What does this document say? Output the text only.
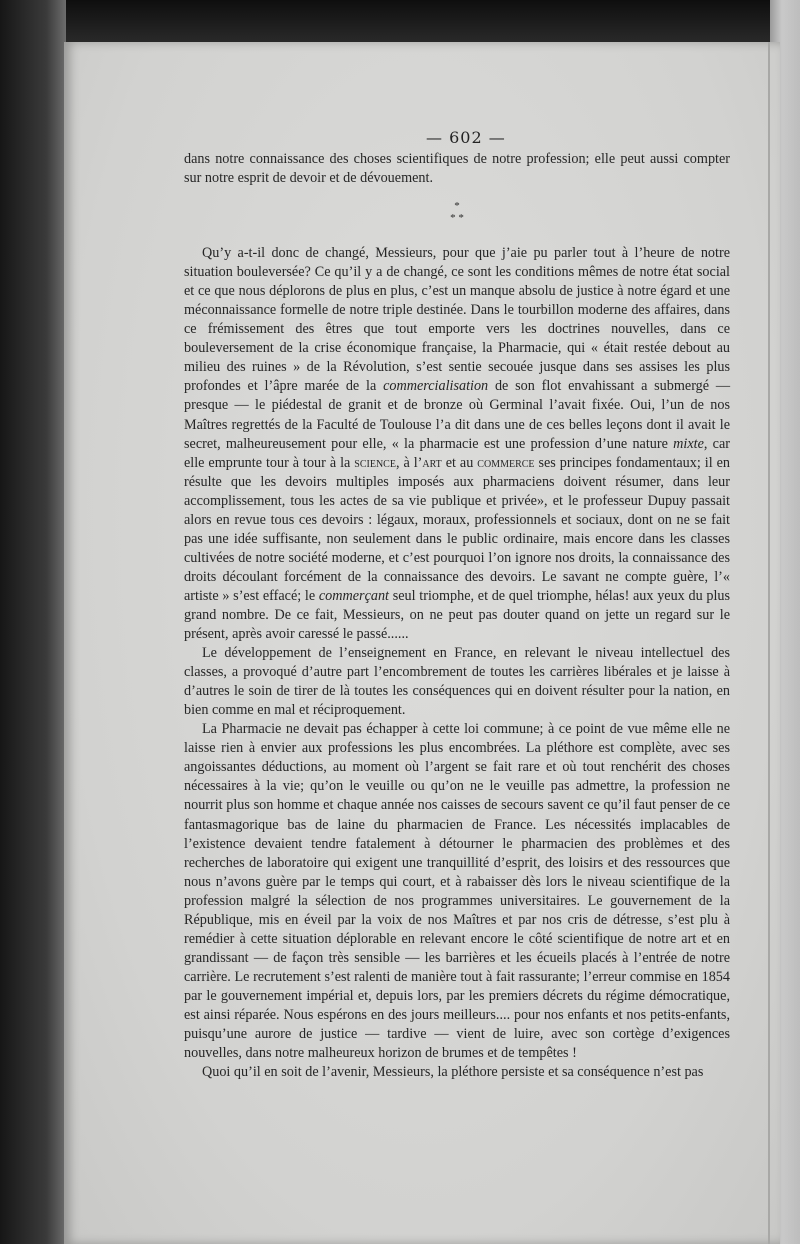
— 602 —

dans notre connaissance des choses scientifiques de notre profession; elle peut aussi compter sur notre esprit de devoir et de dévouement.

*
* *

Qu’y a-t-il donc de changé, Messieurs, pour que j’aie pu parler tout à l’heure de notre situation bouleversée? Ce qu’il y a de changé, ce sont les conditions mêmes de notre état social et ce que nous déplorons de plus en plus, c’est un manque absolu de justice à notre égard et une méconnaissance formelle de notre triple destinée. Dans le tourbillon moderne des affaires, dans ce frémissement des êtres que tout emporte vers les doctrines nouvelles, dans ce bouleversement de la crise économique française, la Pharmacie, qui « était restée debout au milieu des ruines » de la Révolution, s’est sentie secouée jusque dans ses assises les plus profondes et l’âpre marée de la commercialisation de son flot envahissant a submergé — presque — le piédestal de granit et de bronze où Germinal l’avait fixée. Oui, l’un de nos Maîtres regrettés de la Faculté de Toulouse l’a dit dans une de ces belles leçons dont il avait le secret, malheureusement pour elle, « la pharmacie est une profession d’une nature mixte, car elle emprunte tour à tour à la science, à l’art et au commerce ses principes fondamentaux; il en résulte que les devoirs multiples imposés aux pharmaciens doivent résumer, dans leur accomplissement, tous les actes de sa vie publique et privée», et le professeur Dupuy passait alors en revue tous ces devoirs : légaux, moraux, professionnels et sociaux, dont on ne se fait pas une idée suffisante, non seulement dans le public ordinaire, mais encore dans les classes cultivées de notre société moderne, et c’est pourquoi l’on ignore nos droits, la connaissance des droits découlant forcément de la connaissance des devoirs. Le savant ne compte guère, l’« artiste » s’est effacé; le commerçant seul triomphe, et de quel triomphe, hélas! aux yeux du plus grand nombre. De ce fait, Messieurs, on ne peut pas douter quand on jette un regard sur le présent, après avoir caressé le passé......

Le développement de l’enseignement en France, en relevant le niveau intellectuel des classes, a provoqué d’autre part l’encombrement de toutes les carrières libérales et je laisse à d’autres le soin de tirer de là toutes les conséquences qui en doivent résulter pour la nation, en bien comme en mal et réciproquement.

La Pharmacie ne devait pas échapper à cette loi commune; à ce point de vue même elle ne laisse rien à envier aux professions les plus encombrées. La pléthore est complète, avec ses angoissantes déductions, au moment où l’argent se fait rare et où tout renchérit des choses nécessaires à la vie; qu’on le veuille ou qu’on ne le veuille pas admettre, la profession ne nourrit plus son homme et chaque année nos caisses de secours savent ce qu’il faut penser de ce fantasmagorique bas de laine du pharmacien de France. Les nécessités implacables de l’existence devaient tendre fatalement à détourner le pharmacien des problèmes et des recherches de laboratoire qui exigent une tranquillité d’esprit, des loisirs et des ressources que nous n’avons guère par le temps qui court, et à rabaisser dès lors le niveau scientifique de la profession malgré la sélection de nos programmes universitaires. Le gouvernement de la République, mis en éveil par la voix de nos Maîtres et par nos cris de détresse, s’est plu à remédier à cette situation déplorable en relevant encore le côté scientifique de notre art et en grandissant — de façon très sensible — les barrières et les écueils placés à l’entrée de notre carrière. Le recrutement s’est ralenti de manière tout à fait rassurante; l’erreur commise en 1854 par le gouvernement impérial et, depuis lors, par les premiers décrets du régime démocratique, est ainsi réparée. Nous espérons en des jours meilleurs.... pour nos enfants et nos petits-enfants, puisqu’une aurore de justice — tardive — vient de luire, avec son cortège d’exigences nouvelles, dans notre malheureux horizon de brumes et de tempêtes !

Quoi qu’il en soit de l’avenir, Messieurs, la pléthore persiste et sa conséquence n’est pas
